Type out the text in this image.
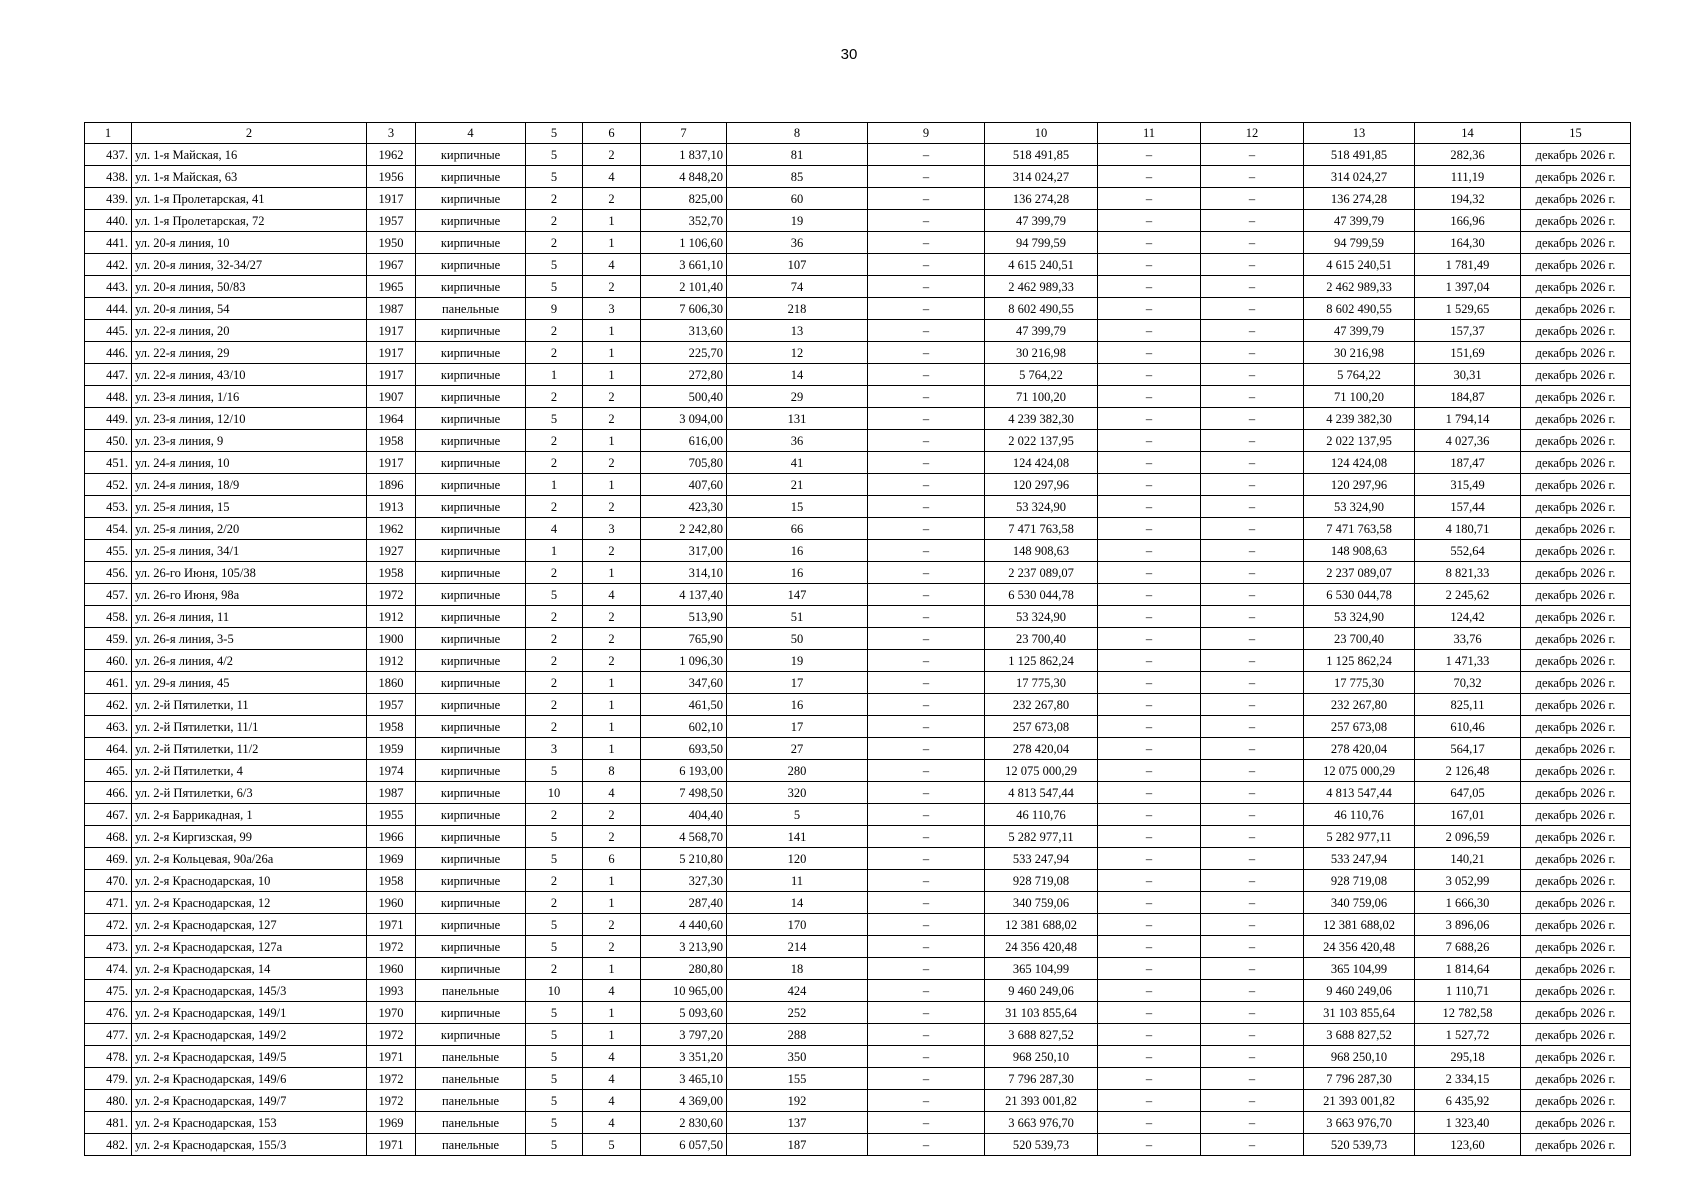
30
1	2	3	4	5	6	7	8	9	10	11	12	13	14	15
437.	ул. 1-я Майская, 16	1962	кирпичные	5	2	1 837,10	81	–	518 491,85	–	–	518 491,85	282,36	декабрь 2026 г.
438.	ул. 1-я Майская, 63	1956	кирпичные	5	4	4 848,20	85	–	314 024,27	–	–	314 024,27	111,19	декабрь 2026 г.
439.	ул. 1-я Пролетарская, 41	1917	кирпичные	2	2	825,00	60	–	136 274,28	–	–	136 274,28	194,32	декабрь 2026 г.
440.	ул. 1-я Пролетарская, 72	1957	кирпичные	2	1	352,70	19	–	47 399,79	–	–	47 399,79	166,96	декабрь 2026 г.
441.	ул. 20-я линия, 10	1950	кирпичные	2	1	1 106,60	36	–	94 799,59	–	–	94 799,59	164,30	декабрь 2026 г.
442.	ул. 20-я линия, 32-34/27	1967	кирпичные	5	4	3 661,10	107	–	4 615 240,51	–	–	4 615 240,51	1 781,49	декабрь 2026 г.
443.	ул. 20-я линия, 50/83	1965	кирпичные	5	2	2 101,40	74	–	2 462 989,33	–	–	2 462 989,33	1 397,04	декабрь 2026 г.
444.	ул. 20-я линия, 54	1987	панельные	9	3	7 606,30	218	–	8 602 490,55	–	–	8 602 490,55	1 529,65	декабрь 2026 г.
445.	ул. 22-я линия, 20	1917	кирпичные	2	1	313,60	13	–	47 399,79	–	–	47 399,79	157,37	декабрь 2026 г.
446.	ул. 22-я линия, 29	1917	кирпичные	2	1	225,70	12	–	30 216,98	–	–	30 216,98	151,69	декабрь 2026 г.
447.	ул. 22-я линия, 43/10	1917	кирпичные	1	1	272,80	14	–	5 764,22	–	–	5 764,22	30,31	декабрь 2026 г.
448.	ул. 23-я линия, 1/16	1907	кирпичные	2	2	500,40	29	–	71 100,20	–	–	71 100,20	184,87	декабрь 2026 г.
449.	ул. 23-я линия, 12/10	1964	кирпичные	5	2	3 094,00	131	–	4 239 382,30	–	–	4 239 382,30	1 794,14	декабрь 2026 г.
450.	ул. 23-я линия, 9	1958	кирпичные	2	1	616,00	36	–	2 022 137,95	–	–	2 022 137,95	4 027,36	декабрь 2026 г.
451.	ул. 24-я линия, 10	1917	кирпичные	2	2	705,80	41	–	124 424,08	–	–	124 424,08	187,47	декабрь 2026 г.
452.	ул. 24-я линия, 18/9	1896	кирпичные	1	1	407,60	21	–	120 297,96	–	–	120 297,96	315,49	декабрь 2026 г.
453.	ул. 25-я линия, 15	1913	кирпичные	2	2	423,30	15	–	53 324,90	–	–	53 324,90	157,44	декабрь 2026 г.
454.	ул. 25-я линия, 2/20	1962	кирпичные	4	3	2 242,80	66	–	7 471 763,58	–	–	7 471 763,58	4 180,71	декабрь 2026 г.
455.	ул. 25-я линия, 34/1	1927	кирпичные	1	2	317,00	16	–	148 908,63	–	–	148 908,63	552,64	декабрь 2026 г.
456.	ул. 26-го Июня, 105/38	1958	кирпичные	2	1	314,10	16	–	2 237 089,07	–	–	2 237 089,07	8 821,33	декабрь 2026 г.
457.	ул. 26-го Июня, 98а	1972	кирпичные	5	4	4 137,40	147	–	6 530 044,78	–	–	6 530 044,78	2 245,62	декабрь 2026 г.
458.	ул. 26-я линия, 11	1912	кирпичные	2	2	513,90	51	–	53 324,90	–	–	53 324,90	124,42	декабрь 2026 г.
459.	ул. 26-я линия, 3-5	1900	кирпичные	2	2	765,90	50	–	23 700,40	–	–	23 700,40	33,76	декабрь 2026 г.
460.	ул. 26-я линия, 4/2	1912	кирпичные	2	2	1 096,30	19	–	1 125 862,24	–	–	1 125 862,24	1 471,33	декабрь 2026 г.
461.	ул. 29-я линия, 45	1860	кирпичные	2	1	347,60	17	–	17 775,30	–	–	17 775,30	70,32	декабрь 2026 г.
462.	ул. 2-й Пятилетки, 11	1957	кирпичные	2	1	461,50	16	–	232 267,80	–	–	232 267,80	825,11	декабрь 2026 г.
463.	ул. 2-й Пятилетки, 11/1	1958	кирпичные	2	1	602,10	17	–	257 673,08	–	–	257 673,08	610,46	декабрь 2026 г.
464.	ул. 2-й Пятилетки, 11/2	1959	кирпичные	3	1	693,50	27	–	278 420,04	–	–	278 420,04	564,17	декабрь 2026 г.
465.	ул. 2-й Пятилетки, 4	1974	кирпичные	5	8	6 193,00	280	–	12 075 000,29	–	–	12 075 000,29	2 126,48	декабрь 2026 г.
466.	ул. 2-й Пятилетки, 6/3	1987	кирпичные	10	4	7 498,50	320	–	4 813 547,44	–	–	4 813 547,44	647,05	декабрь 2026 г.
467.	ул. 2-я Баррикадная, 1	1955	кирпичные	2	2	404,40	5	–	46 110,76	–	–	46 110,76	167,01	декабрь 2026 г.
468.	ул. 2-я Киргизская, 99	1966	кирпичные	5	2	4 568,70	141	–	5 282 977,11	–	–	5 282 977,11	2 096,59	декабрь 2026 г.
469.	ул. 2-я Кольцевая, 90а/26а	1969	кирпичные	5	6	5 210,80	120	–	533 247,94	–	–	533 247,94	140,21	декабрь 2026 г.
470.	ул. 2-я Краснодарская, 10	1958	кирпичные	2	1	327,30	11	–	928 719,08	–	–	928 719,08	3 052,99	декабрь 2026 г.
471.	ул. 2-я Краснодарская, 12	1960	кирпичные	2	1	287,40	14	–	340 759,06	–	–	340 759,06	1 666,30	декабрь 2026 г.
472.	ул. 2-я Краснодарская, 127	1971	кирпичные	5	2	4 440,60	170	–	12 381 688,02	–	–	12 381 688,02	3 896,06	декабрь 2026 г.
473.	ул. 2-я Краснодарская, 127а	1972	кирпичные	5	2	3 213,90	214	–	24 356 420,48	–	–	24 356 420,48	7 688,26	декабрь 2026 г.
474.	ул. 2-я Краснодарская, 14	1960	кирпичные	2	1	280,80	18	–	365 104,99	–	–	365 104,99	1 814,64	декабрь 2026 г.
475.	ул. 2-я Краснодарская, 145/3	1993	панельные	10	4	10 965,00	424	–	9 460 249,06	–	–	9 460 249,06	1 110,71	декабрь 2026 г.
476.	ул. 2-я Краснодарская, 149/1	1970	кирпичные	5	1	5 093,60	252	–	31 103 855,64	–	–	31 103 855,64	12 782,58	декабрь 2026 г.
477.	ул. 2-я Краснодарская, 149/2	1972	кирпичные	5	1	3 797,20	288	–	3 688 827,52	–	–	3 688 827,52	1 527,72	декабрь 2026 г.
478.	ул. 2-я Краснодарская, 149/5	1971	панельные	5	4	3 351,20	350	–	968 250,10	–	–	968 250,10	295,18	декабрь 2026 г.
479.	ул. 2-я Краснодарская, 149/6	1972	панельные	5	4	3 465,10	155	–	7 796 287,30	–	–	7 796 287,30	2 334,15	декабрь 2026 г.
480.	ул. 2-я Краснодарская, 149/7	1972	панельные	5	4	4 369,00	192	–	21 393 001,82	–	–	21 393 001,82	6 435,92	декабрь 2026 г.
481.	ул. 2-я Краснодарская, 153	1969	панельные	5	4	2 830,60	137	–	3 663 976,70	–	–	3 663 976,70	1 323,40	декабрь 2026 г.
482.	ул. 2-я Краснодарская, 155/3	1971	панельные	5	5	6 057,50	187	–	520 539,73	–	–	520 539,73	123,60	декабрь 2026 г.
